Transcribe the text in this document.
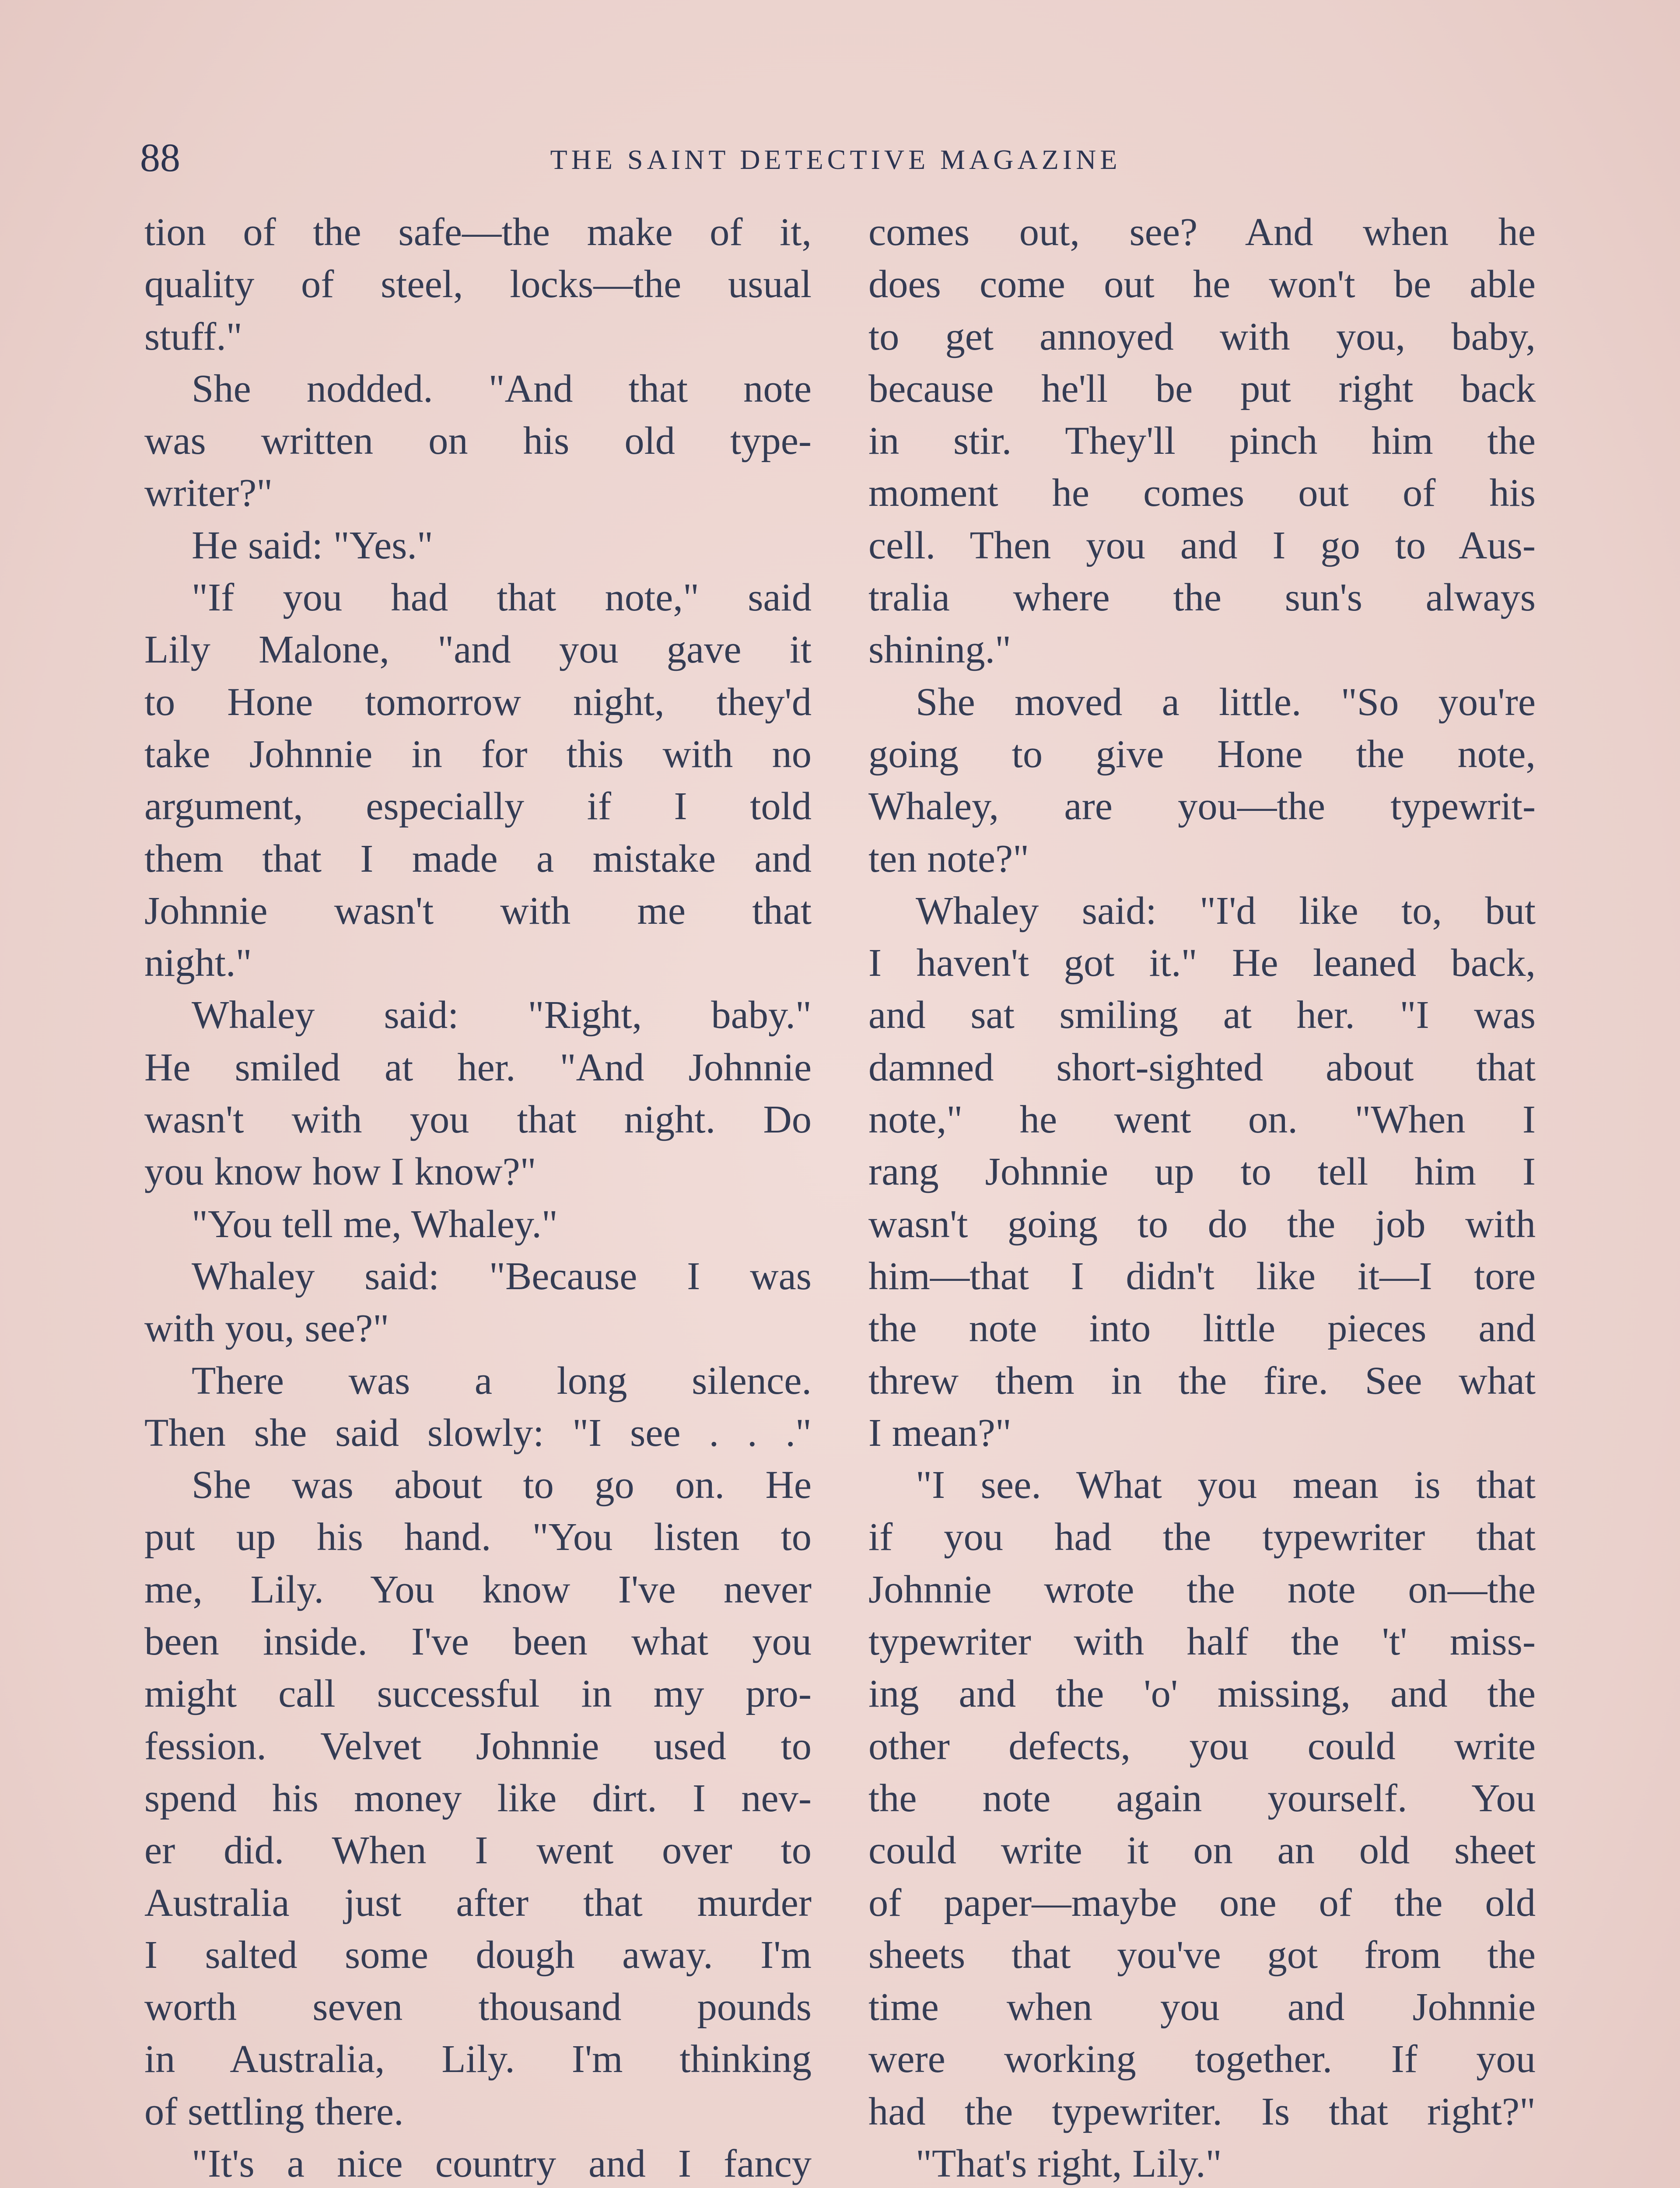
88	THE SAINT DETECTIVE MAGAZINE
tion of the safe—the make of it,
quality of steel, locks—the usual
stuff."
She nodded. "And that note
was written on his old type-
writer?"
He said: "Yes."
"If you had that note," said
Lily Malone, "and you gave it
to Hone tomorrow night, they'd
take Johnnie in for this with no
argument, especially if I told
them that I made a mistake and
Johnnie wasn't with me that
night."
Whaley said: "Right, baby."
He smiled at her. "And Johnnie
wasn't with you that night. Do
you know how I know?"
"You tell me, Whaley."
Whaley said: "Because I was
with you, see?"
There was a long silence.
Then she said slowly: "I see . . ."
She was about to go on. He
put up his hand. "You listen to
me, Lily. You know I've never
been inside. I've been what you
might call successful in my pro-
fession. Velvet Johnnie used to
spend his money like dirt. I nev-
er did. When I went over to
Australia just after that murder
I salted some dough away. I'm
worth seven thousand pounds
in Australia, Lily. I'm thinking
of settling there.
"It's a nice country and I fancy
comes out, see? And when he
does come out he won't be able
to get annoyed with you, baby,
because he'll be put right back
in stir. They'll pinch him the
moment he comes out of his
cell. Then you and I go to Aus-
tralia where the sun's always
shining."
She moved a little. "So you're
going to give Hone the note,
Whaley, are you—the typewrit-
ten note?"
Whaley said: "I'd like to, but
I haven't got it." He leaned back,
and sat smiling at her. "I was
damned short-sighted about that
note," he went on. "When I
rang Johnnie up to tell him I
wasn't going to do the job with
him—that I didn't like it—I tore
the note into little pieces and
threw them in the fire. See what
I mean?"
"I see. What you mean is that
if you had the typewriter that
Johnnie wrote the note on—the
typewriter with half the 't' miss-
ing and the 'o' missing, and the
other defects, you could write
the note again yourself. You
could write it on an old sheet
of paper—maybe one of the old
sheets that you've got from the
time when you and Johnnie
were working together. If you
had the typewriter. Is that right?"
"That's right, Lily."
